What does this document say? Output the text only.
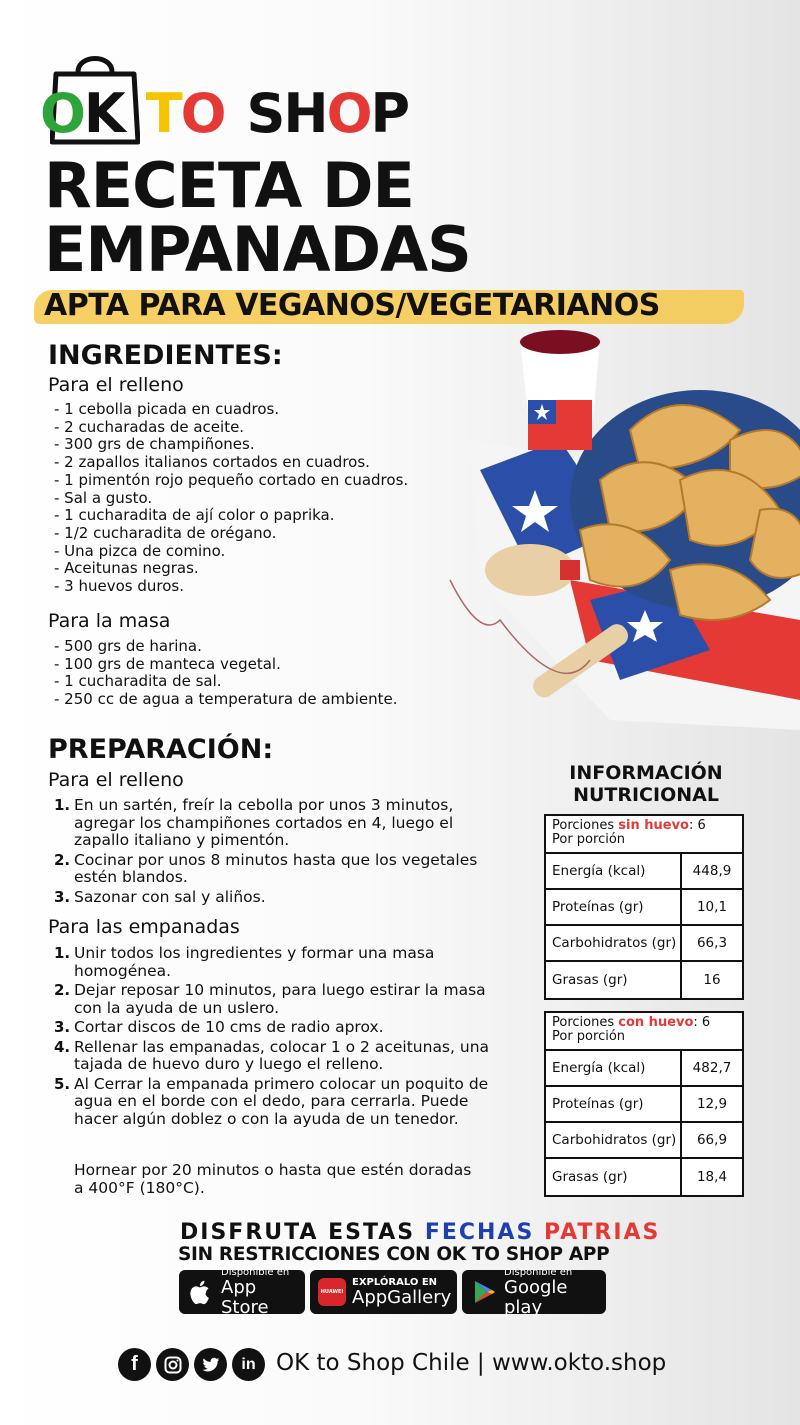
OK TO SHOP
RECETA DE
EMPANADAS
APTA PARA VEGANOS/VEGETARIANOS
INGREDIENTES:
Para el relleno
- 1 cebolla picada en cuadros.
- 2 cucharadas de aceite.
- 300 grs de champiñones.
- 2 zapallos italianos cortados en cuadros.
- 1 pimentón rojo pequeño cortado en cuadros.
- Sal a gusto.
- 1 cucharadita de ají color o paprika.
- 1/2 cucharadita de orégano.
- Una pizca de comino.
- Aceitunas negras.
- 3 huevos duros.
Para la masa
- 500 grs de harina.
- 100 grs de manteca vegetal.
- 1 cucharadita de sal.
- 250 cc de agua a temperatura de ambiente.
PREPARACIÓN:
Para el relleno
1. En un sartén, freír la cebolla por unos 3 minutos, agregar los champiñones cortados en 4, luego el zapallo italiano y pimentón.
2. Cocinar por unos 8 minutos hasta que los vegetales estén blandos.
3. Sazonar con sal y aliños.
Para las empanadas
1. Unir todos los ingredientes y formar una masa homogénea.
2. Dejar reposar 10 minutos, para luego estirar la masa con la ayuda de un uslero.
3. Cortar discos de 10 cms de radio aprox.
4. Rellenar las empanadas, colocar 1 o 2 aceitunas, una tajada de huevo duro y luego el relleno.
5. Al Cerrar la empanada primero colocar un poquito de agua en el borde con el dedo, para cerrarla. Puede hacer algún doblez o con la ayuda de un tenedor.
Hornear por 20 minutos o hasta que estén doradas a 400°F (180°C).
INFORMACIÓN NUTRICIONAL
Porciones sin huevo: 6
Por porción
Energía (kcal)	448,9
Proteínas (gr)	10,1
Carbohidratos (gr)	66,3
Grasas (gr)	16
Porciones con huevo: 6
Por porción
Energía (kcal)	482,7
Proteínas (gr)	12,9
Carbohidratos (gr)	66,9
Grasas (gr)	18,4
DISFRUTA ESTAS FECHAS PATRIAS
SIN RESTRICCIONES CON OK TO SHOP APP
Disponible en
App Store
HUAWEI
EXPLÓRALO EN
AppGallery
Disponible en
Google play
f	in OK to Shop Chile | www.okto.shop
